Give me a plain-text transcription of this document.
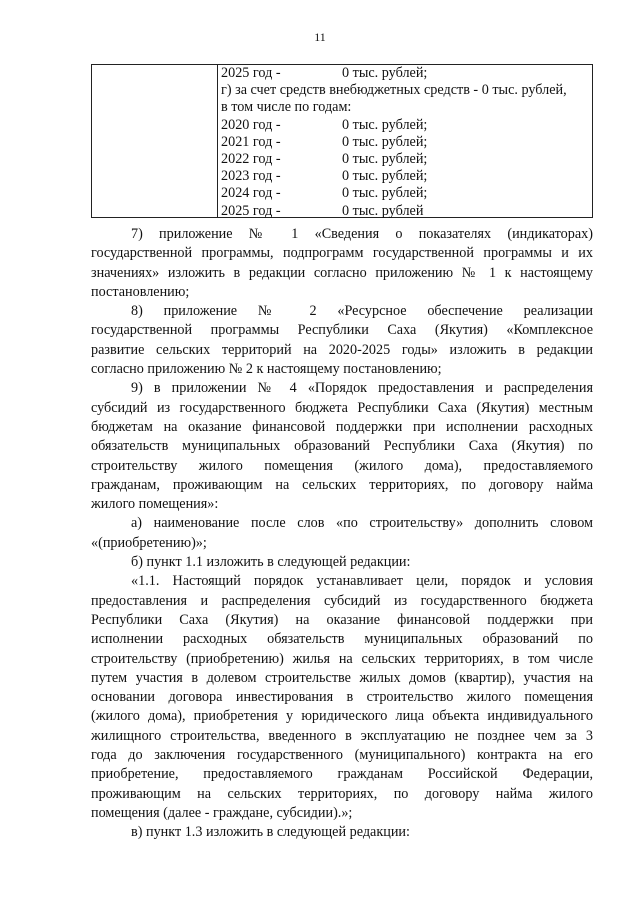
11
2025 год -	0 тыс. рублей;
г) за счет средств внебюджетных средств - 0 тыс. рублей,
в том числе по годам:
2020 год -	0 тыс. рублей;
2021 год -	0 тыс. рублей;
2022 год -	0 тыс. рублей;
2023 год -	0 тыс. рублей;
2024 год -	0 тыс. рублей;
2025 год -	0 тыс. рублей
7) приложение № 1 «Сведения о показателях (индикаторах)
государственной программы, подпрограмм государственной программы и их
значениях» изложить в редакции согласно приложению № 1 к настоящему
постановлению;
8) приложение № 2 «Ресурсное обеспечение реализации
государственной программы Республики Саха (Якутия) «Комплексное
развитие сельских территорий на 2020-2025 годы» изложить в редакции
согласно приложению № 2 к настоящему постановлению;
9) в приложении № 4 «Порядок предоставления и распределения
субсидий из государственного бюджета Республики Саха (Якутия) местным
бюджетам на оказание финансовой поддержки при исполнении расходных
обязательств муниципальных образований Республики Саха (Якутия) по
строительству жилого помещения (жилого дома), предоставляемого
гражданам, проживающим на сельских территориях, по договору найма
жилого помещения»:
а) наименование после слов «по строительству» дополнить словом
«(приобретению)»;
б) пункт 1.1 изложить в следующей редакции:
«1.1. Настоящий порядок устанавливает цели, порядок и условия
предоставления и распределения субсидий из государственного бюджета
Республики Саха (Якутия) на оказание финансовой поддержки при
исполнении расходных обязательств муниципальных образований по
строительству (приобретению) жилья на сельских территориях, в том числе
путем участия в долевом строительстве жилых домов (квартир), участия на
основании договора инвестирования в строительство жилого помещения
(жилого дома), приобретения у юридического лица объекта индивидуального
жилищного строительства, введенного в эксплуатацию не позднее чем за 3
года до заключения государственного (муниципального) контракта на его
приобретение, предоставляемого гражданам Российской Федерации,
проживающим на сельских территориях, по договору найма жилого
помещения (далее - граждане, субсидии).»;
в) пункт 1.3 изложить в следующей редакции:
